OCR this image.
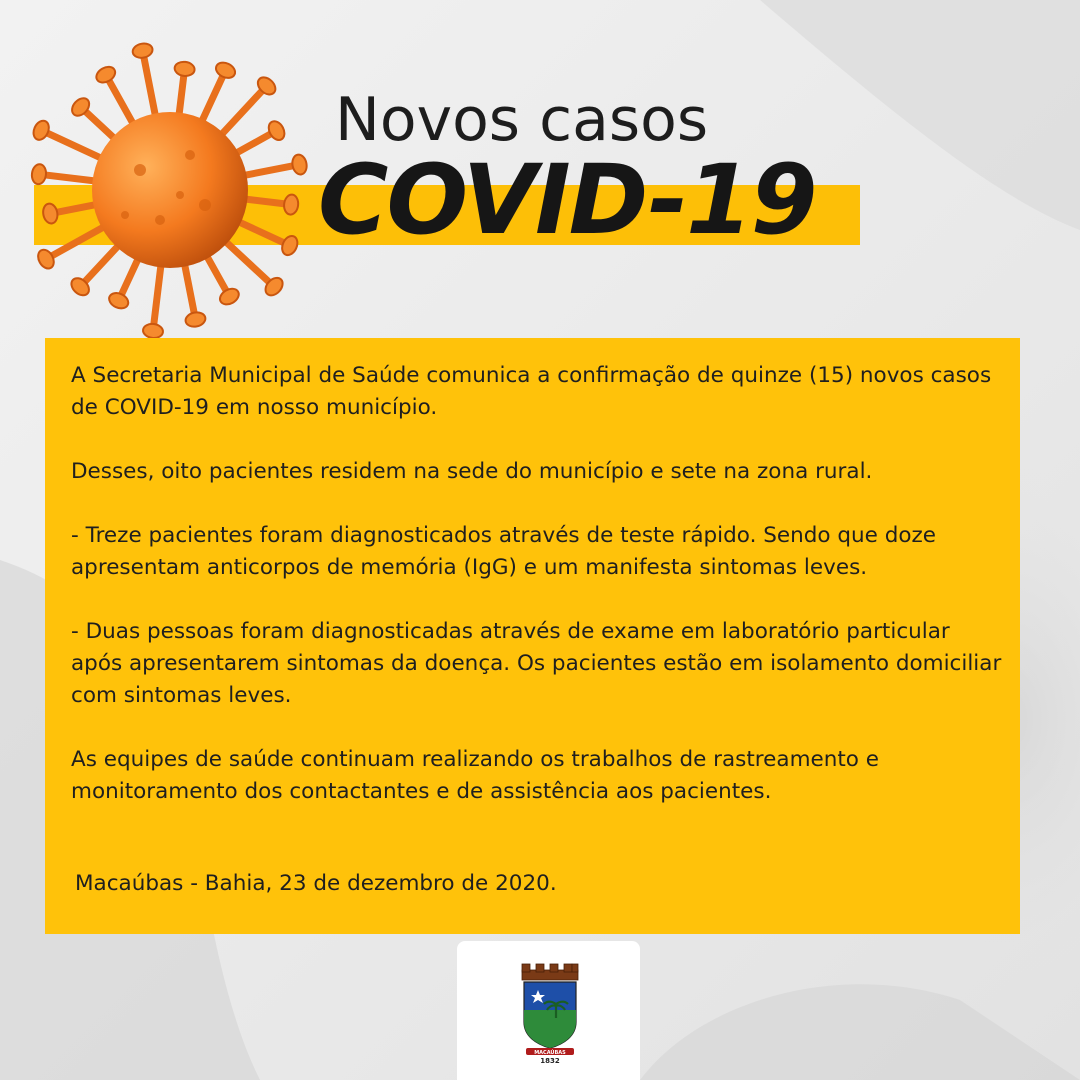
Novos casos
COVID-19

A Secretaria Municipal de Saúde comunica a confirmação de quinze (15) novos casos de COVID-19 em nosso município.

Desses, oito pacientes residem na sede do município e sete na zona rural.

- Treze pacientes foram diagnosticados através de teste rápido. Sendo que doze apresentam anticorpos de memória (IgG) e um manifesta sintomas leves.

- Duas pessoas foram diagnosticadas através de exame em laboratório particular após apresentarem sintomas da doença. Os pacientes estão em isolamento domiciliar com sintomas leves.

As equipes de saúde continuam realizando os trabalhos de rastreamento e monitoramento dos contactantes e de assistência aos pacientes.

Macaúbas - Bahia, 23 de dezembro de 2020.
MACAÚBAS
1832
